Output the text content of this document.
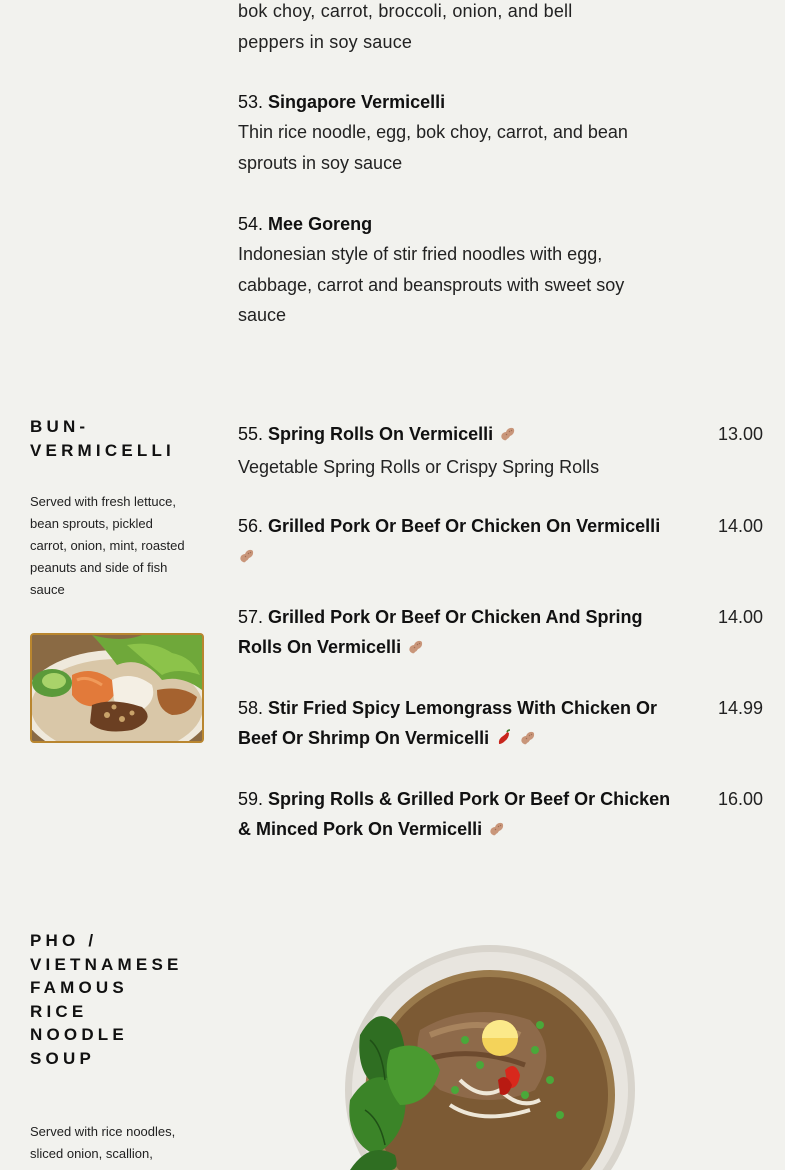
bok choy, carrot, broccoli, onion, and bell
peppers in soy sauce
53. Singapore Vermicelli
Thin rice noodle, egg, bok choy, carrot, and bean
sprouts in soy sauce
54. Mee Goreng
Indonesian style of stir fried noodles with egg,
cabbage, carrot and beansprouts with sweet soy
sauce
BUN-
VERMICELLI
Served with fresh lettuce,
bean sprouts, pickled
carrot, onion, mint, roasted
peanuts and side of fish
sauce
55. Spring Rolls On Vermicelli
Vegetable Spring Rolls or Crispy Spring Rolls
13.00
56. Grilled Pork Or Beef Or Chicken On Vermicelli	14.00
57. Grilled Pork Or Beef Or Chicken And Spring
Rolls On Vermicelli
14.00
58. Stir Fried Spicy Lemongrass With Chicken Or
Beef Or Shrimp On Vermicelli
14.99
59. Spring Rolls & Grilled Pork Or Beef Or Chicken
& Minced Pork On Vermicelli
16.00
PHO /
VIETNAMESE
FAMOUS
RICE
NOODLE
SOUP
Served with rice noodles,
sliced onion, scallion,
